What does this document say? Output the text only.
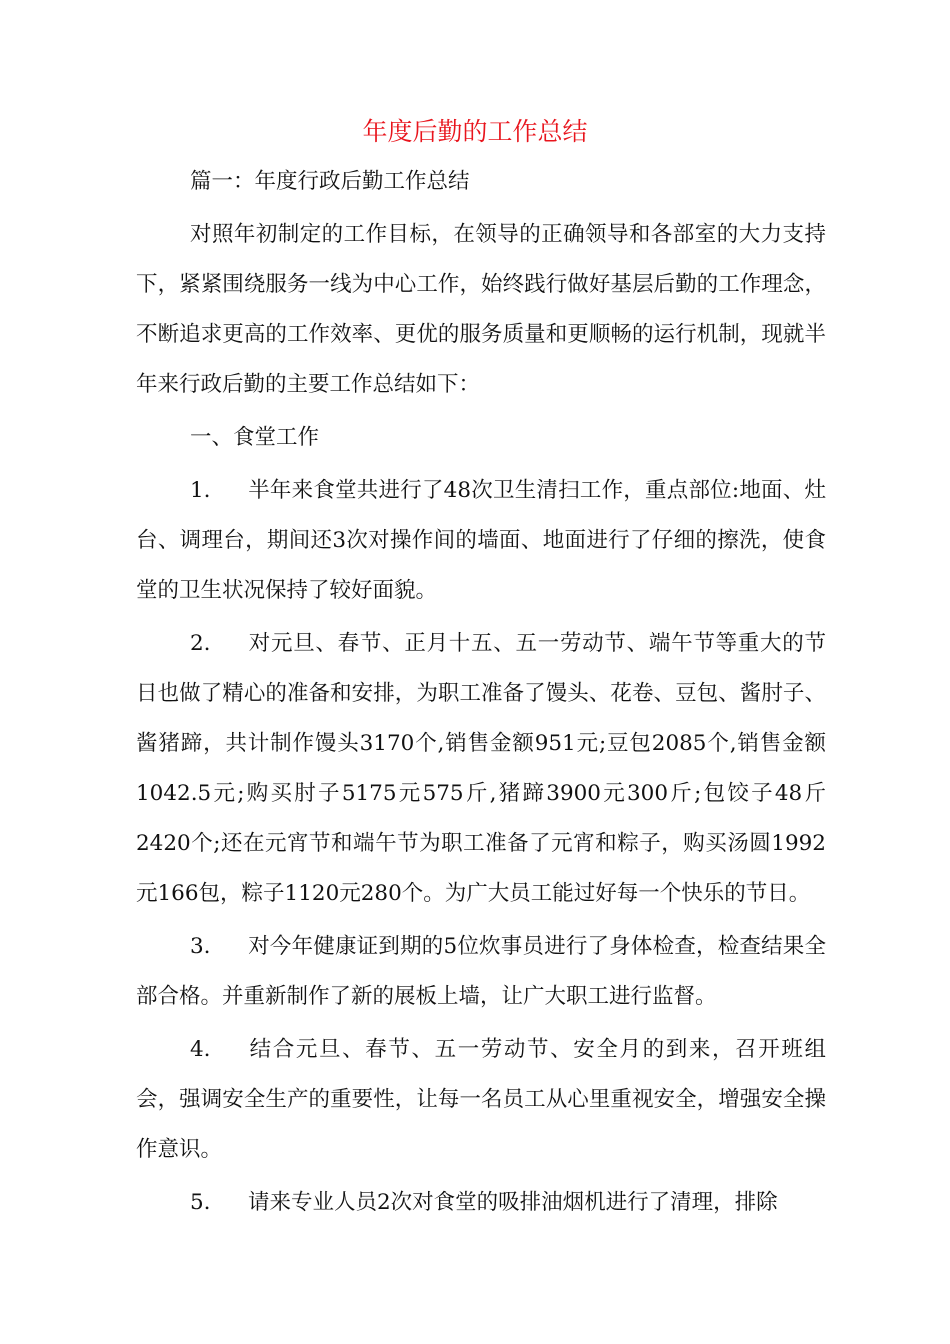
年度后勤的工作总结

篇一：年度行政后勤工作总结

对照年初制定的工作目标，在领导的正确领导和各部室的大力支持下，紧紧围绕服务一线为中心工作，始终践行做好基层后勤的工作理念，不断追求更高的工作效率、更优的服务质量和更顺畅的运行机制，现就半年来行政后勤的主要工作总结如下：

一、食堂工作

1. 半年来食堂共进行了48次卫生清扫工作，重点部位:地面、灶台、调理台，期间还3次对操作间的墙面、地面进行了仔细的擦洗，使食堂的卫生状况保持了较好面貌。

2. 对元旦、春节、正月十五、五一劳动节、端午节等重大的节日也做了精心的准备和安排，为职工准备了馒头、花卷、豆包、酱肘子、酱猪蹄，共计制作馒头3170个,销售金额951元;豆包2085个,销售金额1042.5元;购买肘子5175元575斤,猪蹄3900元300斤;包饺子48斤2420个;还在元宵节和端午节为职工准备了元宵和粽子，购买汤圆1992元166包，粽子1120元280个。为广大员工能过好每一个快乐的节日。

3. 对今年健康证到期的5位炊事员进行了身体检查，检查结果全部合格。并重新制作了新的展板上墙，让广大职工进行监督。

4. 结合元旦、春节、五一劳动节、安全月的到来，召开班组会，强调安全生产的重要性，让每一名员工从心里重视安全，增强安全操作意识。

5. 请来专业人员2次对食堂的吸排油烟机进行了清理，排除
